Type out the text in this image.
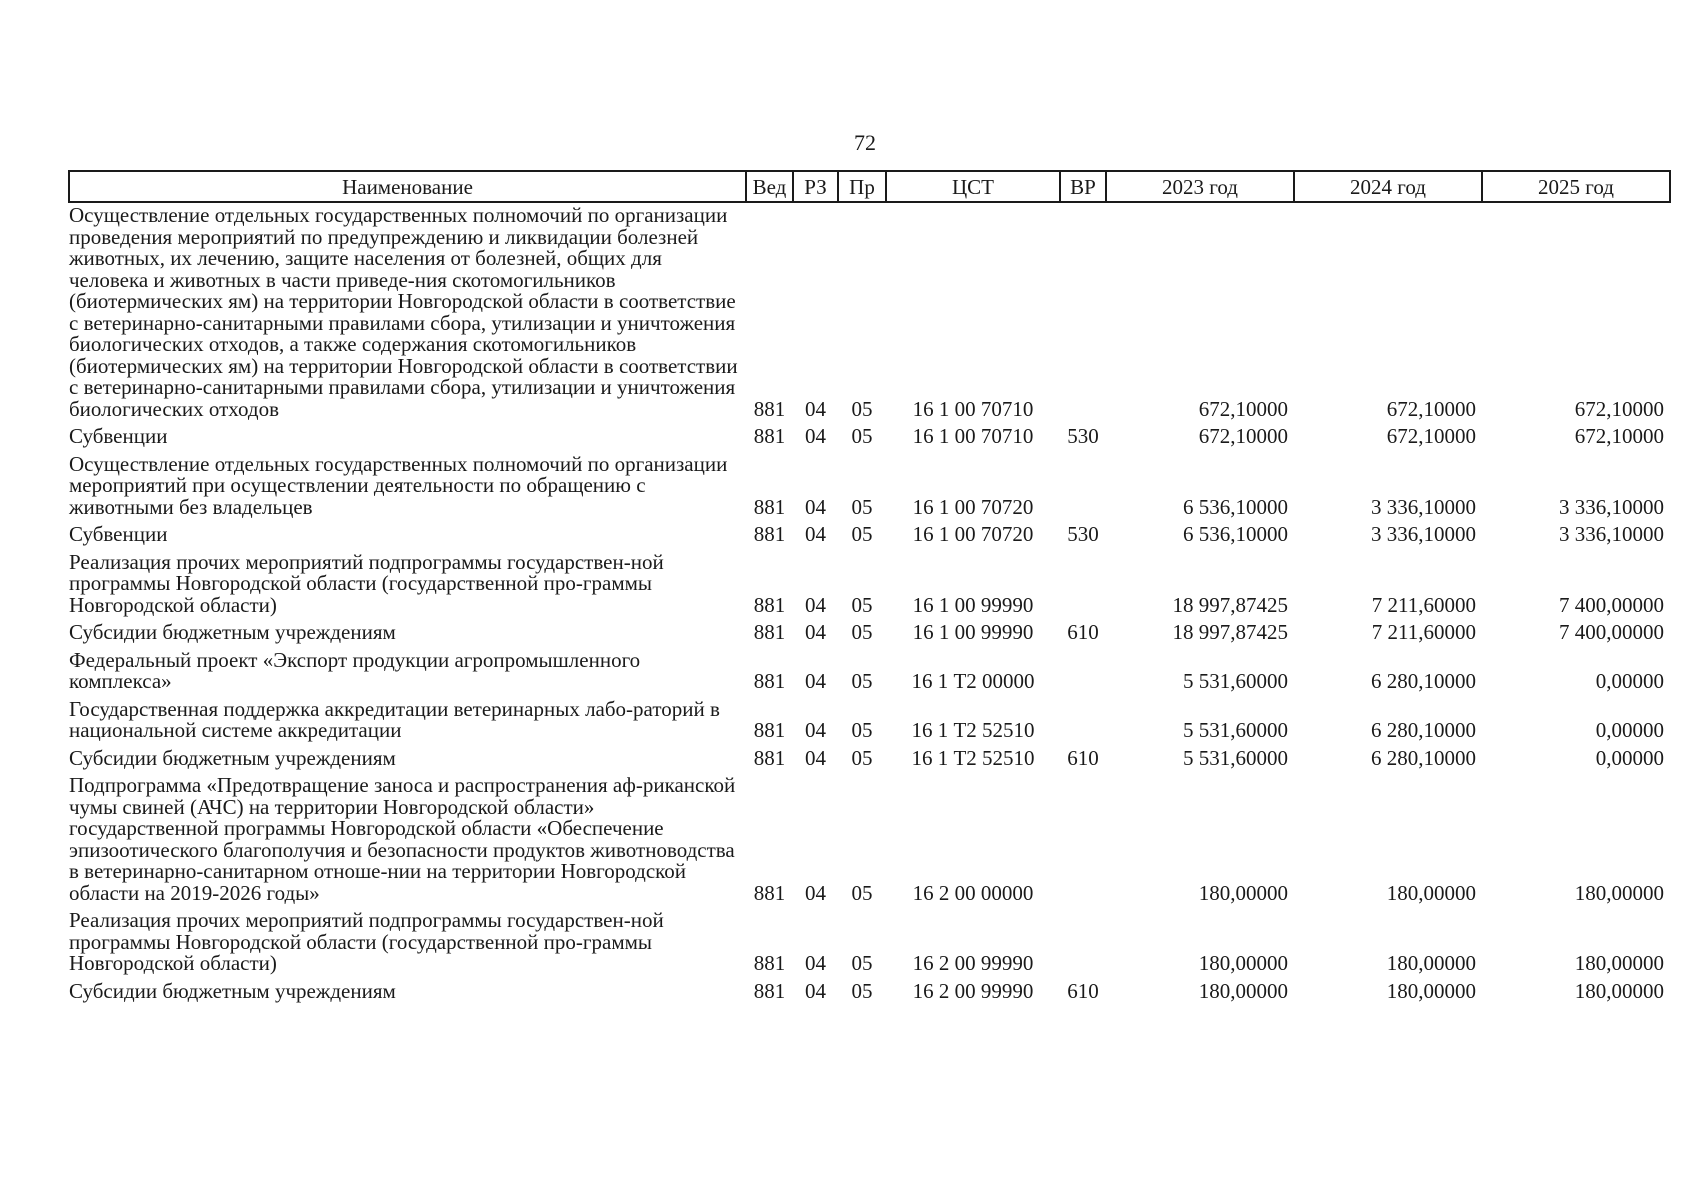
72
Наименование	Вед	РЗ	Пр	ЦСТ	ВР	2023 год	2024 год	2025 год
Осуществление отдельных государственных полномочий по организации проведения мероприятий по предупреждению и ликвидации болезней животных, их лечению, защите населения от болезней, общих для человека и животных в части приведе-ния скотомогильников (биотермических ям) на территории Новгородской области в соответствие с ветеринарно-санитарными правилами сбора, утилизации и уничтожения биологических отходов, а также содержания скотомогильников (биотермических ям) на территории Новгородской области в соответствии с ветеринарно-санитарными правилами сбора, утилизации и уничтожения биологических отходов	881	04	05	16 1 00 70710		672,10000	672,10000	672,10000
Субвенции	881	04	05	16 1 00 70710	530	672,10000	672,10000	672,10000
Осуществление отдельных государственных полномочий по организации мероприятий при осуществлении деятельности по обращению с животными без владельцев	881	04	05	16 1 00 70720		6 536,10000	3 336,10000	3 336,10000
Субвенции	881	04	05	16 1 00 70720	530	6 536,10000	3 336,10000	3 336,10000
Реализация прочих мероприятий подпрограммы государствен-ной программы Новгородской области (государственной про-граммы Новгородской области)	881	04	05	16 1 00 99990		18 997,87425	7 211,60000	7 400,00000
Субсидии бюджетным учреждениям	881	04	05	16 1 00 99990	610	18 997,87425	7 211,60000	7 400,00000
Федеральный проект «Экспорт продукции агропромышленного комплекса»	881	04	05	16 1 Т2 00000		5 531,60000	6 280,10000	0,00000
Государственная поддержка аккредитации ветеринарных лабо-раторий в национальной системе аккредитации	881	04	05	16 1 Т2 52510		5 531,60000	6 280,10000	0,00000
Субсидии бюджетным учреждениям	881	04	05	16 1 Т2 52510	610	5 531,60000	6 280,10000	0,00000
Подпрограмма «Предотвращение заноса и распространения аф-риканской чумы свиней (АЧС) на территории Новгородской области» государственной программы Новгородской области «Обеспечение эпизоотического благополучия и безопасности продуктов животноводства в ветеринарно-санитарном отноше-нии на территории Новгородской области на 2019-2026 годы»	881	04	05	16 2 00 00000		180,00000	180,00000	180,00000
Реализация прочих мероприятий подпрограммы государствен-ной программы Новгородской области (государственной про-граммы Новгородской области)	881	04	05	16 2 00 99990		180,00000	180,00000	180,00000
Субсидии бюджетным учреждениям	881	04	05	16 2 00 99990	610	180,00000	180,00000	180,00000
